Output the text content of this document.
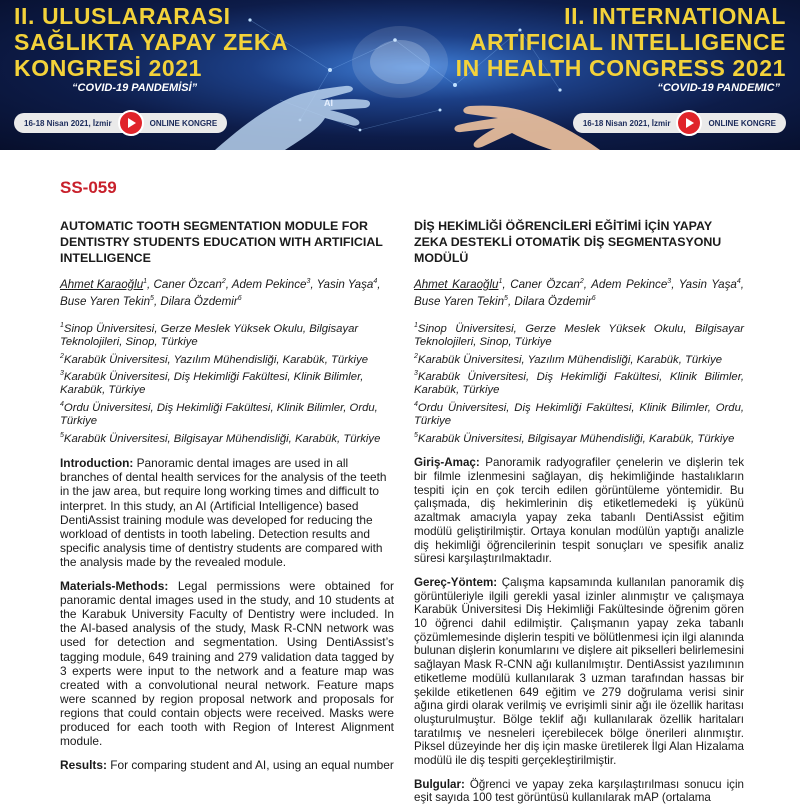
II. ULUSLARARASI
SAĞLIKTA YAPAY ZEKA
KONGRESİ 2021
“COVID-19 PANDEMİSİ”
II. INTERNATIONAL
ARTIFICIAL INTELLIGENCE
IN HEALTH CONGRESS 2021
“COVID-19 PANDEMIC”
AI
16-18 Nisan 2021, İzmir	ONLINE KONGRE	16-18 Nisan 2021, İzmir	ONLINE KONGRE
SS-059
AUTOMATIC TOOTH SEGMENTATION MODULE FOR DENTISTRY STUDENTS EDUCATION WITH ARTIFICIAL INTELLIGENCE
Ahmet Karaoğlu$^1$, Caner Özcan$^2$, Adem Pekince$^3$, Yasin Yaşa$^4$, Buse Yaren Tekin$^5$, Dilara Özdemir$^6$
$^1$Sinop Üniversitesi, Gerze Meslek Yüksek Okulu, Bilgisayar Teknolojileri, Sinop, Türkiye
$^2$Karabük Üniversitesi, Yazılım Mühendisliği, Karabük, Türkiye
$^3$Karabük Üniversitesi, Diş Hekimliği Fakültesi, Klinik Bilimler, Karabük, Türkiye
$^4$Ordu Üniversitesi, Diş Hekimliği Fakültesi, Klinik Bilimler, Ordu, Türkiye
$^5$Karabük Üniversitesi, Bilgisayar Mühendisliği, Karabük, Türkiye

Introduction: Panoramic dental images are used in all branches of dental health services for the analysis of the teeth in the jaw area, but require long working times and difficult to interpret. In this study, an AI (Artificial Intelligence) based DentiAssist training module was developed for reducing the workload of dentists in tooth labeling. Detection results and specific analysis time of dentistry students are compared with the analysis made by the revealed module.

Materials-Methods: Legal permissions were obtained for panoramic dental images used in the study, and 10 students at the Karabuk University Faculty of Dentistry were included. In the AI-based analysis of the study, Mask R-CNN network was used for detection and segmentation. Using DentiAssist’s tagging module, 649 training and 279 validation data tagged by 3 experts were input to the network and a feature map was created with a convolutional neural network. Feature maps were scanned by region proposal network and proposals for regions that could contain objects were received. Masks were produced for each tooth with Region of Interest Alignment module.

Results: For comparing student and AI, using an equal number

DİŞ HEKİMLİĞİ ÖĞRENCİLERİ EĞİTİMİ İÇİN YAPAY ZEKA DESTEKLİ OTOMATİK DİŞ SEGMENTASYONU MODÜLÜ
Ahmet Karaoğlu$^1$, Caner Özcan$^2$, Adem Pekince$^3$, Yasin Yaşa$^4$, Buse Yaren Tekin$^5$, Dilara Özdemir$^6$
$^1$Sinop Üniversitesi, Gerze Meslek Yüksek Okulu, Bilgisayar Teknolojileri, Sinop, Türkiye
$^2$Karabük Üniversitesi, Yazılım Mühendisliği, Karabük, Türkiye
$^3$Karabük Üniversitesi, Diş Hekimliği Fakültesi, Klinik Bilimler, Karabük, Türkiye
$^4$Ordu Üniversitesi, Diş Hekimliği Fakültesi, Klinik Bilimler, Ordu, Türkiye
$^5$Karabük Üniversitesi, Bilgisayar Mühendisliği, Karabük, Türkiye

Giriş-Amaç: Panoramik radyografiler çenelerin ve dişlerin tek bir filmle izlenmesini sağlayan, diş hekimliğinde hastalıkların tespiti için en çok tercih edilen görüntüleme yöntemidir. Bu çalışmada, diş hekimlerinin diş etiketlemedeki iş yükünü azaltmak amacıyla yapay zeka tabanlı DentiAssist eğitim modülü geliştirilmiştir. Ortaya konulan modülün yaptığı analizle diş hekimliği öğrencilerinin tespit sonuçları ve spesifik analiz süresi karşılaştırılmaktadır.

Gereç-Yöntem: Çalışma kapsamında kullanılan panoramik diş görüntüleriyle ilgili gerekli yasal izinler alınmıştır ve çalışmaya Karabük Üniversitesi Diş Hekimliği Fakültesinde öğrenim gören 10 öğrenci dahil edilmiştir. Çalışmanın yapay zeka tabanlı çözümlemesinde dişlerin tespiti ve bölütlenmesi için ilgi alanında bulunan dişlerin konumlarını ve dişlere ait pikselleri belirlemesini sağlayan Mask R-CNN ağı kullanılmıştır. DentiAssist yazılımının etiketleme modülü kullanılarak 3 uzman tarafından hassas bir şekilde etiketlenen 649 eğitim ve 279 doğrulama verisi sinir ağına girdi olarak verilmiş ve evrişimli sinir ağı ile özellik haritası oluşturulmuştur. Bölge teklif ağı kullanılarak özellik haritaları taratılmış ve nesneleri içerebilecek bölge önerileri alınmıştır. Piksel düzeyinde her diş için maske üretilerek İlgi Alan Hizalama modülü ile diş tespiti gerçekleştirilmiştir.

Bulgular: Öğrenci ve yapay zeka karşılaştırılması sonucu için eşit sayıda 100 test görüntüsü kullanılarak mAP (ortalama
